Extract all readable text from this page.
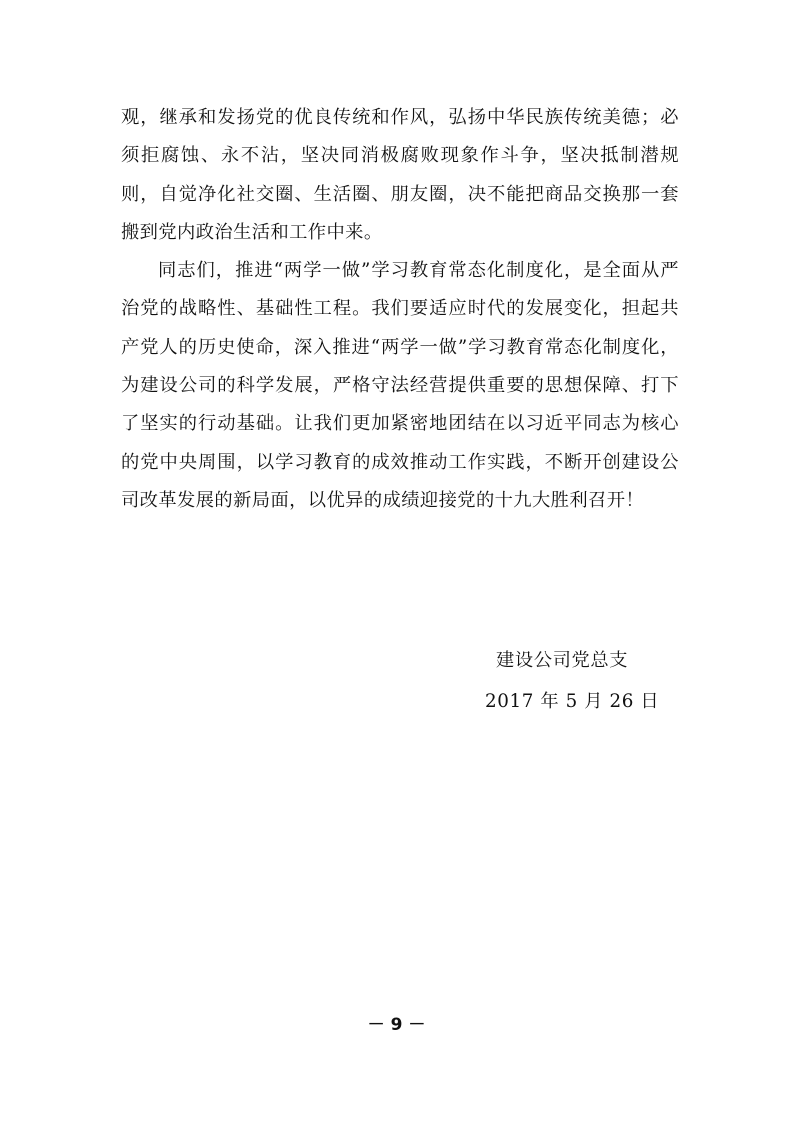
观，继承和发扬党的优良传统和作风，弘扬中华民族传统美德；必须拒腐蚀、永不沾，坚决同消极腐败现象作斗争，坚决抵制潜规则，自觉净化社交圈、生活圈、朋友圈，决不能把商品交换那一套搬到党内政治生活和工作中来。

同志们，推进“两学一做”学习教育常态化制度化，是全面从严治党的战略性、基础性工程。我们要适应时代的发展变化，担起共产党人的历史使命，深入推进“两学一做”学习教育常态化制度化，为建设公司的科学发展，严格守法经营提供重要的思想保障、打下了坚实的行动基础。让我们更加紧密地团结在以习近平同志为核心的党中央周围，以学习教育的成效推动工作实践，不断开创建设公司改革发展的新局面，以优异的成绩迎接党的十九大胜利召开！

建设公司党总支
2017 年 5 月 26 日
－ 9 －
